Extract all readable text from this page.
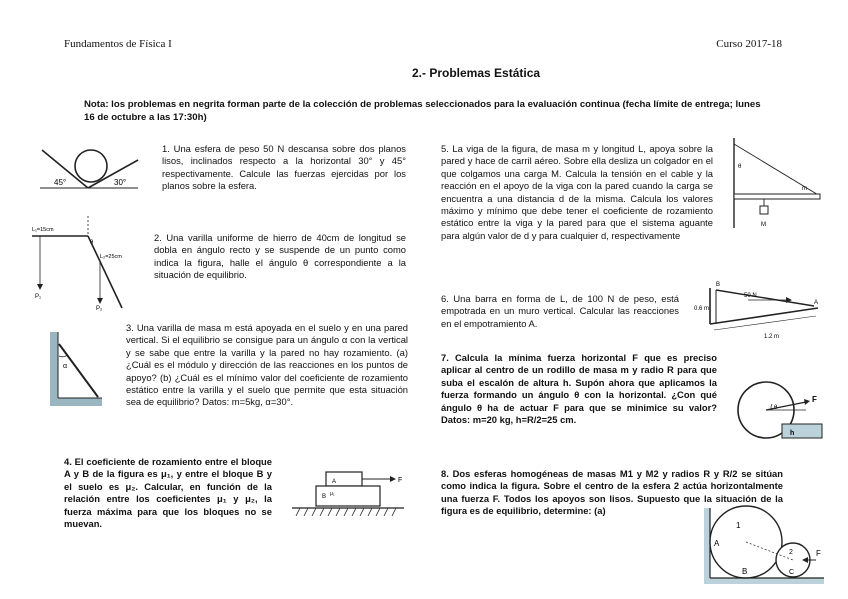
Fundamentos de Física I	Curso 2017-18
2.- Problemas Estática
Nota: los problemas en negrita forman parte de la colección de problemas seleccionados para la evaluación continua (fecha límite de entrega; lunes 16 de octubre a las 17:30h)
1. Una esfera de peso 50 N descansa sobre dos planos lisos, inclinados respecto a la horizontal 30° y 45° respectivamente. Calcule las fuerzas ejercidas por los planos sobre la esfera.
2. Una varilla uniforme de hierro de 40cm de longitud se dobla en ángulo recto y se suspende de un punto como indica la figura, halle el ángulo θ correspondiente a la situación de equilibrio.
3. Una varilla de masa m está apoyada en el suelo y en una pared vertical. Si el equilibrio se consigue para un ángulo α con la vertical y se sabe que entre la varilla y la pared no hay rozamiento. (a) ¿Cuál es el módulo y dirección de las reacciones en los puntos de apoyo? (b) ¿Cuál es el mínimo valor del coeficiente de rozamiento estático entre la varilla y el suelo que permite que esta situación sea de equilibrio? Datos: m=5kg, α=30°.
4. El coeficiente de rozamiento entre el bloque A y B de la figura es μ₁, y entre el bloque B y el suelo es μ₂. Calcular, en función de la relación entre los coeficientes μ₁ y μ₂, la fuerza máxima para que los bloques no se muevan.
5. La viga de la figura, de masa m y longitud L, apoya sobre la pared y hace de carril aéreo. Sobre ella desliza un colgador en el que colgamos una carga M. Calcula la tensión en el cable y la reacción en el apoyo de la viga con la pared cuando la carga se encuentra a una distancia d de la misma. Calcula los valores máximo y mínimo que debe tener el coeficiente de rozamiento estático entre la viga y la pared para que el sistema aguante para algún valor de d y para cualquier d, respectivamente
6. Una barra en forma de L, de 100 N de peso, está empotrada en un muro vertical. Calcular las reacciones en el empotramiento A.
7. Calcula la mínima fuerza horizontal F que es preciso aplicar al centro de un rodillo de masa m y radio R para que suba el escalón de altura h. Supón ahora que aplicamos la fuerza formando un ángulo θ con la horizontal. ¿Con qué ángulo θ ha de actuar F para que se minimice su valor? Datos: m=20 kg, h=R/2=25 cm.
8. Dos esferas homogéneas de masas M1 y M2 y radios R y R/2 se sitúan como indica la figura. Sobre el centro de la esfera 2 actúa horizontalmente una fuerza F. Todos los apoyos son lisos. Supuesto que la situación de la figura es de equilibrio, determine: (a)
45°	30°
L₁=15cm
L₂=25cm
P₁
P₂
θ
α
A
B μ₁
F
θ
m
M
B
50 N
0.6 m
1.2 m
A
θ
F
h
1
A
B
2
C
F
